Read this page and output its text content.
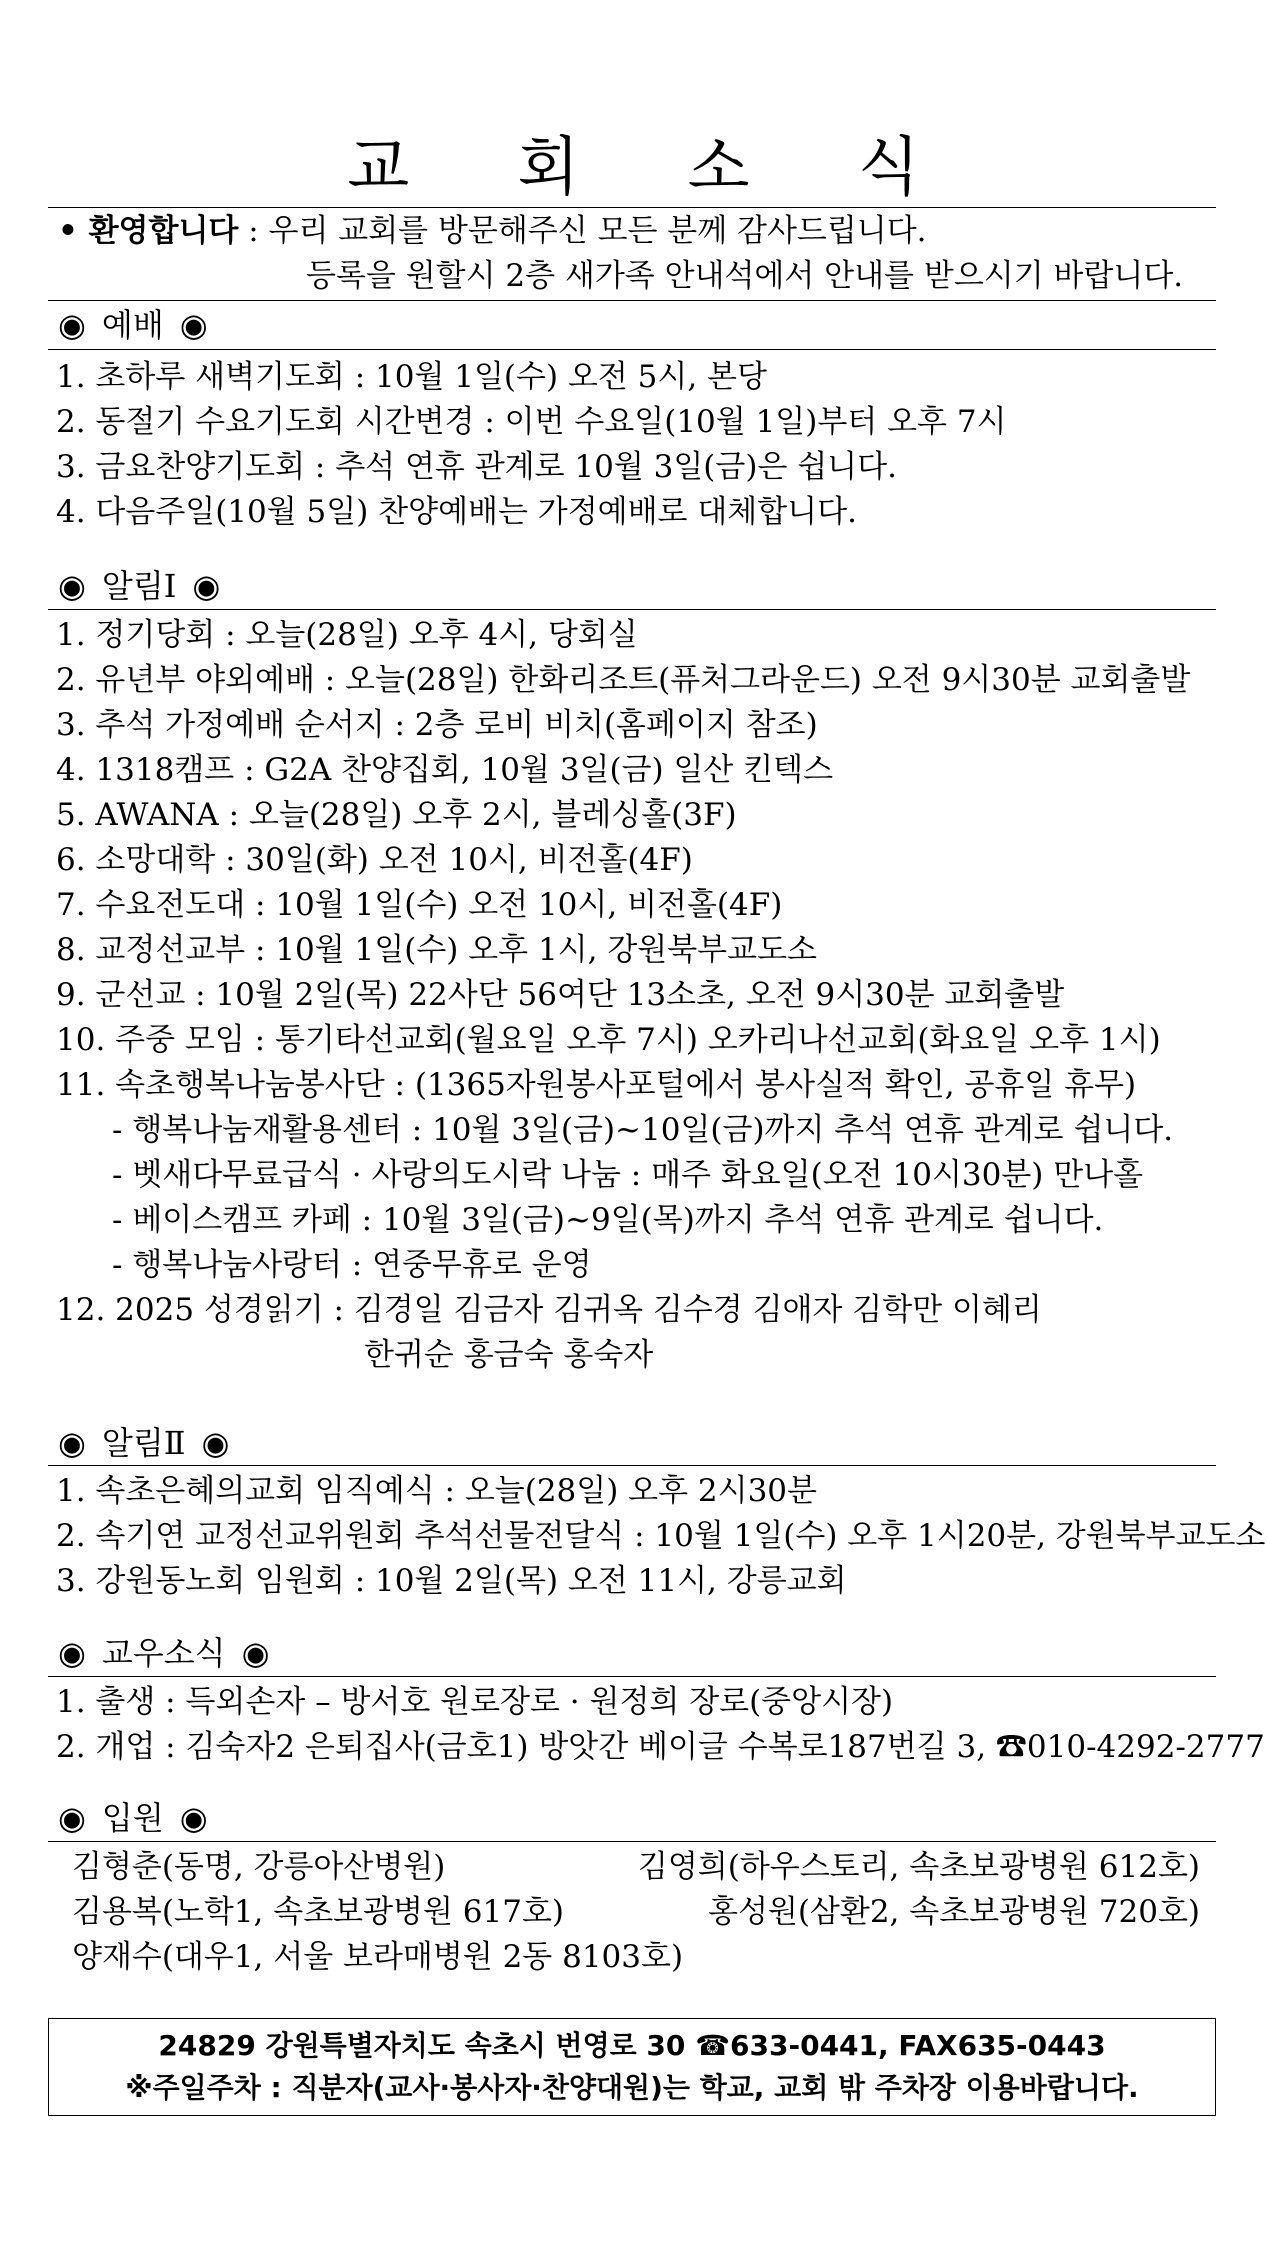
교 회 소 식
• 환영합니다 : 우리 교회를 방문해주신 모든 분께 감사드립니다.
등록을 원할시 2층 새가족 안내석에서 안내를 받으시기 바랍니다.
◉ 예배 ◉
1. 초하루 새벽기도회 : 10월 1일(수) 오전 5시, 본당
2. 동절기 수요기도회 시간변경 : 이번 수요일(10월 1일)부터 오후 7시
3. 금요찬양기도회 : 추석 연휴 관계로 10월 3일(금)은 쉽니다.
4. 다음주일(10월 5일) 찬양예배는 가정예배로 대체합니다.
◉ 알림Ⅰ ◉
1. 정기당회 : 오늘(28일) 오후 4시, 당회실
2. 유년부 야외예배 : 오늘(28일) 한화리조트(퓨처그라운드) 오전 9시30분 교회출발
3. 추석 가정예배 순서지 : 2층 로비 비치(홈페이지 참조)
4. 1318캠프 : G2A 찬양집회, 10월 3일(금) 일산 킨텍스
5. AWANA : 오늘(28일) 오후 2시, 블레싱홀(3F)
6. 소망대학 : 30일(화) 오전 10시, 비전홀(4F)
7. 수요전도대 : 10월 1일(수) 오전 10시, 비전홀(4F)
8. 교정선교부 : 10월 1일(수) 오후 1시, 강원북부교도소
9. 군선교 : 10월 2일(목) 22사단 56여단 13소초, 오전 9시30분 교회출발
10. 주중 모임 : 통기타선교회(월요일 오후 7시) 오카리나선교회(화요일 오후 1시)
11. 속초행복나눔봉사단 : (1365자원봉사포털에서 봉사실적 확인, 공휴일 휴무)
- 행복나눔재활용센터 : 10월 3일(금)~10일(금)까지 추석 연휴 관계로 쉽니다.
- 벳새다무료급식 · 사랑의도시락 나눔 : 매주 화요일(오전 10시30분) 만나홀
- 베이스캠프 카페 : 10월 3일(금)~9일(목)까지 추석 연휴 관계로 쉽니다.
- 행복나눔사랑터 : 연중무휴로 운영
12. 2025 성경읽기 : 김경일 김금자 김귀옥 김수경 김애자 김학만 이혜리
한귀순 홍금숙 홍숙자
◉ 알림Ⅱ ◉
1. 속초은혜의교회 임직예식 : 오늘(28일) 오후 2시30분
2. 속기연 교정선교위원회 추석선물전달식 : 10월 1일(수) 오후 1시20분, 강원북부교도소
3. 강원동노회 임원회 : 10월 2일(목) 오전 11시, 강릉교회
◉ 교우소식 ◉
1. 출생 : 득외손자 – 방서호 원로장로 · 원정희 장로(중앙시장)
2. 개업 : 김숙자2 은퇴집사(금호1) 방앗간 베이글 수복로187번길 3, ☎010-4292-2777
◉ 입원 ◉
김형춘(동명, 강릉아산병원)	김영희(하우스토리, 속초보광병원 612호)
김용복(노학1, 속초보광병원 617호)	홍성원(삼환2, 속초보광병원 720호)
양재수(대우1, 서울 보라매병원 2동 8103호)
24829 강원특별자치도 속초시 번영로 30 ☎633-0441, FAX635-0443
※주일주차 : 직분자(교사·봉사자·찬양대원)는 학교, 교회 밖 주차장 이용바랍니다.
